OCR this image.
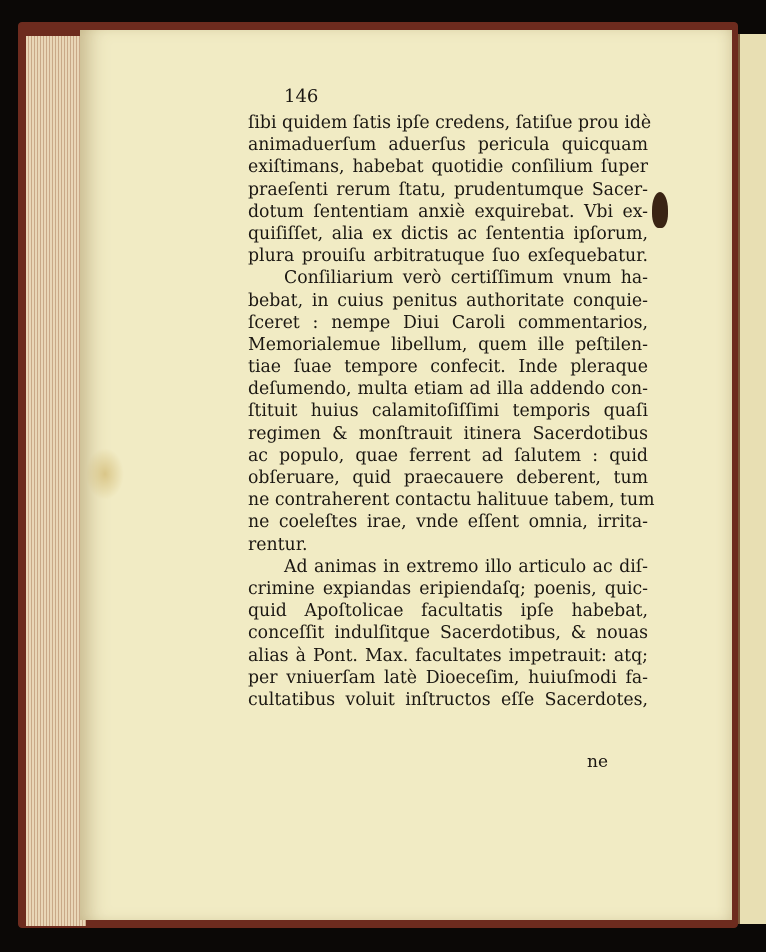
146
ſibi quidem ſatis ipſe credens, ſatiſue prou idè
animaduerſum aduerſus pericula quicquam
exiſtimans, habebat quotidie conſilium ſuper
praeſenti rerum ſtatu, prudentumque Sacer-
dotum ſententiam anxiè exquirebat. Vbi ex-
quiſiſſet, alia ex dictis ac ſententia ipſorum,
plura prouiſu arbitratuque ſuo exſequebatur.
Conſiliarium verò certiſſimum vnum ha-
bebat, in cuius penitus authoritate conquie-
ſceret : nempe Diui Caroli commentarios,
Memorialemue libellum, quem ille peſtilen-
tiae ſuae tempore confecit. Inde pleraque
deſumendo, multa etiam ad illa addendo con-
ſtituit huius calamitoſiſſimi temporis quaſi
regimen & monſtrauit itinera Sacerdotibus
ac populo, quae ferrent ad ſalutem : quid
obſeruare, quid praecauere deberent, tum
ne contraherent contactu halituue tabem, tum
ne coeleſtes irae, vnde eſſent omnia, irrita-
rentur.
Ad animas in extremo illo articulo ac diſ-
crimine expiandas eripiendaſq; poenis, quic-
quid Apoſtolicae facultatis ipſe habebat,
conceſſit indulſitque Sacerdotibus, & nouas
alias à Pont. Max. facultates impetrauit: atq;
per vniuerſam latè Dioeceſim, huiuſmodi fa-
cultatibus voluit inſtructos eſſe Sacerdotes,
ne
